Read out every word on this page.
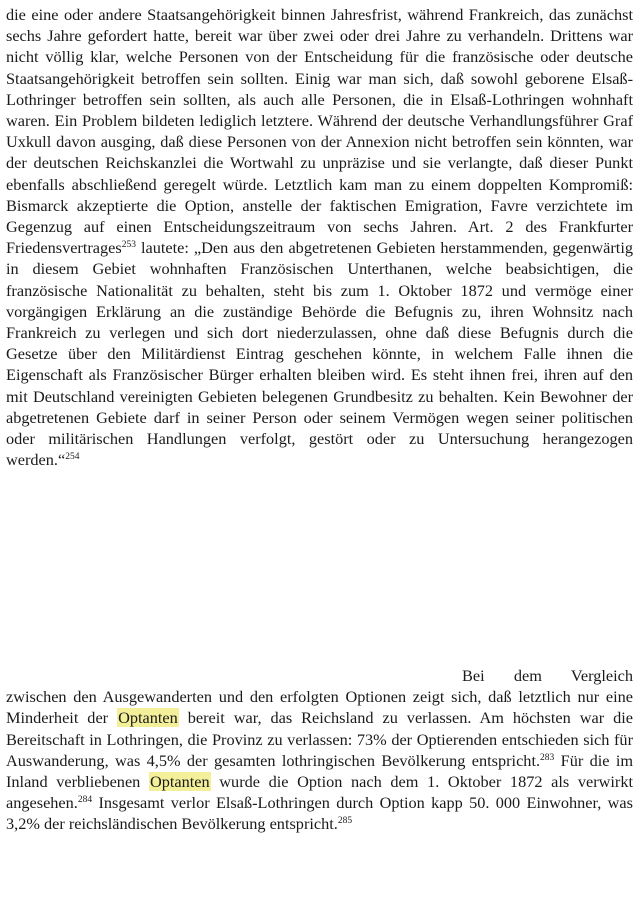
die eine oder andere Staatsangehörigkeit binnen Jahresfrist, während Frankreich, das zunächst sechs Jahre gefordert hatte, bereit war über zwei oder drei Jahre zu verhandeln. Drittens war nicht völlig klar, welche Personen von der Entscheidung für die französische oder deutsche Staatsangehörigkeit betroffen sein sollten. Einig war man sich, daß sowohl geborene Elsaß-Lothringer betroffen sein sollten, als auch alle Personen, die in Elsaß-Lothringen wohnhaft waren. Ein Problem bildeten lediglich letztere. Während der deutsche Verhandlungsführer Graf Uxkull davon ausging, daß diese Personen von der Annexion nicht betroffen sein könnten, war der deutschen Reichskanzlei die Wortwahl zu unpräzise und sie verlangte, daß dieser Punkt ebenfalls abschließend geregelt würde. Letztlich kam man zu einem doppelten Kompromiß: Bismarck akzeptierte die Option, anstelle der faktischen Emigration, Favre verzichtete im Gegenzug auf einen Entscheidungszeitraum von sechs Jahren. Art. 2 des Frankfurter Friedensvertrages$^{253}$ lautete: „Den aus den abgetretenen Gebieten herstammenden, gegenwärtig in diesem Gebiet wohnhaften Französischen Unterthanen, welche beabsichtigen, die französische Nationalität zu behalten, steht bis zum 1. Oktober 1872 und vermöge einer vorgängigen Erklärung an die zuständige Behörde die Befugnis zu, ihren Wohnsitz nach Frankreich zu verlegen und sich dort niederzulassen, ohne daß diese Befugnis durch die Gesetze über den Militärdienst Eintrag geschehen könnte, in welchem Falle ihnen die Eigenschaft als Französischer Bürger erhalten bleiben wird. Es steht ihnen frei, ihren auf den mit Deutschland vereinigten Gebieten belegenen Grundbesitz zu behalten. Kein Bewohner der abgetretenen Gebiete darf in seiner Person oder seinem Vermögen wegen seiner politischen oder militärischen Handlungen verfolgt, gestört oder zu Untersuchung herangezogen werden.“$^{254}$

Bei dem Vergleich zwischen den Ausgewanderten und den erfolgten Optionen zeigt sich, daß letztlich nur eine Minderheit der Optanten bereit war, das Reichsland zu verlassen. Am höchsten war die Bereitschaft in Lothringen, die Provinz zu verlassen: 73% der Optierenden entschieden sich für Auswanderung, was 4,5% der gesamten lothringischen Bevölkerung entspricht.$^{283}$ Für die im Inland verbliebenen Optanten wurde die Option nach dem 1. Oktober 1872 als verwirkt angesehen.$^{284}$ Insgesamt verlor Elsaß-Lothringen durch Option kapp 50. 000 Einwohner, was 3,2% der reichsländischen Bevölkerung entspricht.$^{285}$
